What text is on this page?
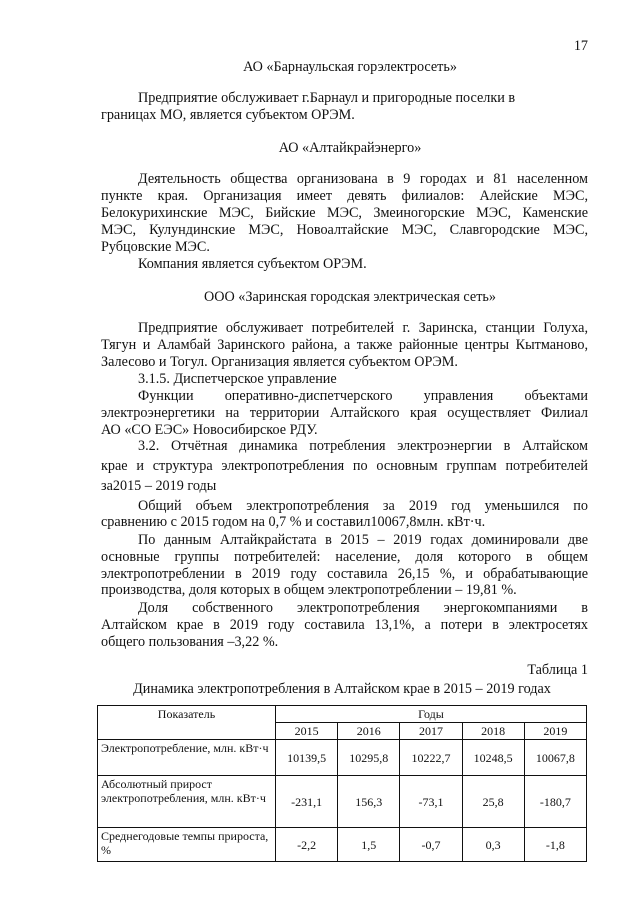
17
АО «Барнаульская горэлектросеть»
Предприятие обслуживает г.Барнаул и пригородные поселки в
границах МО, является субъектом ОРЭМ.
АО «Алтайкрайэнерго»
Деятельность общества организована в 9 городах и 81 населенном
пункте края. Организация имеет девять филиалов: Алейские МЭС,
Белокурихинские МЭС, Бийские МЭС, Змеиногорские МЭС, Каменские
МЭС, Кулундинские МЭС, Новоалтайские МЭС, Славгородские МЭС,
Рубцовские МЭС.
Компания является субъектом ОРЭМ.
ООО «Заринская городская электрическая сеть»
Предприятие обслуживает потребителей г. Заринска, станции Голуха,
Тягун и Аламбай Заринского района, а также районные центры Кытманово,
Залесово и Тогул. Организация является субъектом ОРЭМ.
3.1.5. Диспетчерское управление
Функции оперативно-диспетчерского управления объектами
электроэнергетики на территории Алтайского края осуществляет Филиал
АО «СО ЕЭС» Новосибирское РДУ.
3.2. Отчётная динамика потребления электроэнергии в Алтайском
крае и структура электропотребления по основным группам потребителей
за2015 – 2019 годы
Общий объем электропотребления за 2019 год уменьшился по
сравнению с 2015 годом на 0,7 % и составил10067,8млн. кВт·ч.
По данным Алтайкрайстата в 2015 – 2019 годах доминировали две
основные группы потребителей: население, доля которого в общем
электропотреблении в 2019 году составила 26,15 %, и обрабатывающие
производства, доля которых в общем электропотреблении – 19,81 %.
Доля собственного электропотребления энергокомпаниями в
Алтайском крае в 2019 году составила 13,1%, а потери в электросетях
общего пользования –3,22 %.
Таблица 1
Динамика электропотребления в Алтайском крае в 2015 – 2019 годах
Показатель	Годы				
	2015	2016	2017	2018	2019
Электропотребление, млн. кВт·ч	10139,5	10295,8	10222,7	10248,5	10067,8
Абсолютный прирост электропотребления, млн. кВт·ч	-231,1	156,3	-73,1	25,8	-180,7
Среднегодовые темпы прироста, %	-2,2	1,5	-0,7	0,3	-1,8
